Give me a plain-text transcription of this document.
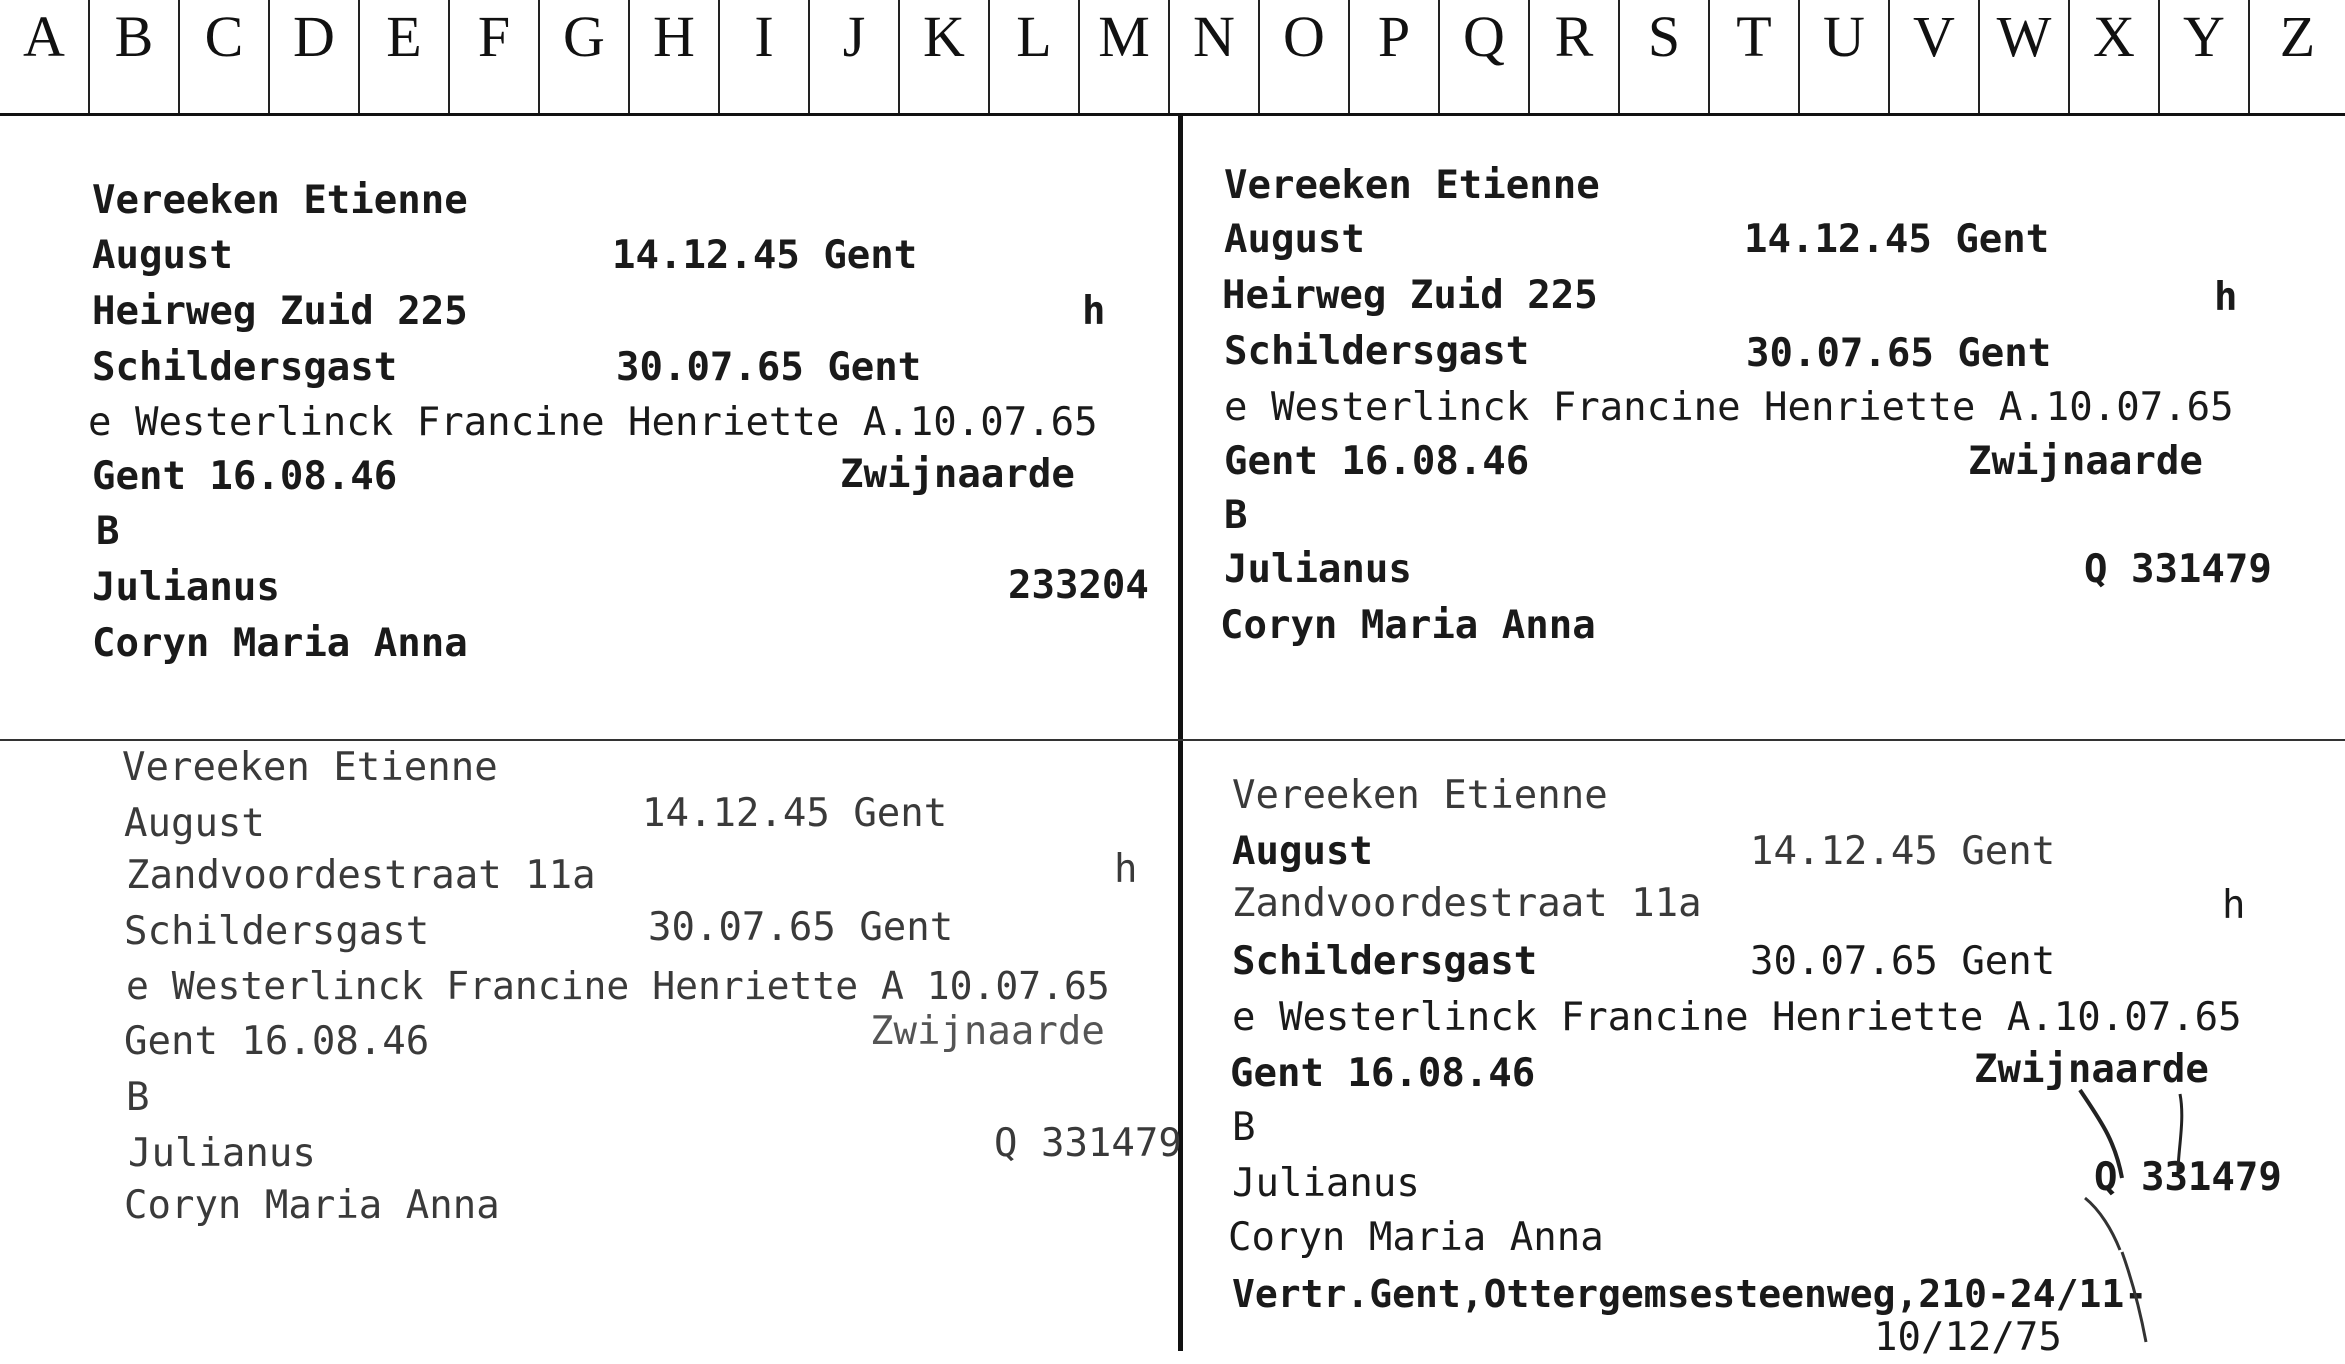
A B C D E F G H	I	J K L M N O P Q R S T U V W X Y Z
Vereeken Etienne
August	14.12.45 Gent
Heirweg Zuid 225	h
Schildersgast	30.07.65 Gent
e Westerlinck Francine Henriette A.10.07.65
Gent 16.08.46	Zwijnaarde
B
Julianus	233204
Coryn Maria Anna
Vereeken Etienne
August	14.12.45 Gent
Heirweg Zuid 225	h
Schildersgast	30.07.65 Gent
e Westerlinck Francine Henriette A.10.07.65
Gent 16.08.46	Zwijnaarde
B
Julianus	Q 331479
Coryn Maria Anna
Vereeken Etienne
August	14.12.45 Gent
Zandvoordestraat 11a	h
Schildersgast	30.07.65 Gent
e Westerlinck Francine Henriette A 10.07.65
Gent 16.08.46	Zwijnaarde
B
Julianus	Q 331479
Coryn Maria Anna
Vereeken Etienne
August	14.12.45 Gent
Zandvoordestraat 11a	h
Schildersgast	30.07.65 Gent
e Westerlinck Francine Henriette A.10.07.65
Gent 16.08.46	Zwijnaarde
B
Julianus	Q 331479
Coryn Maria Anna
Vertr.Gent,Ottergemsesteenweg,210-24/11-
10/12/75
